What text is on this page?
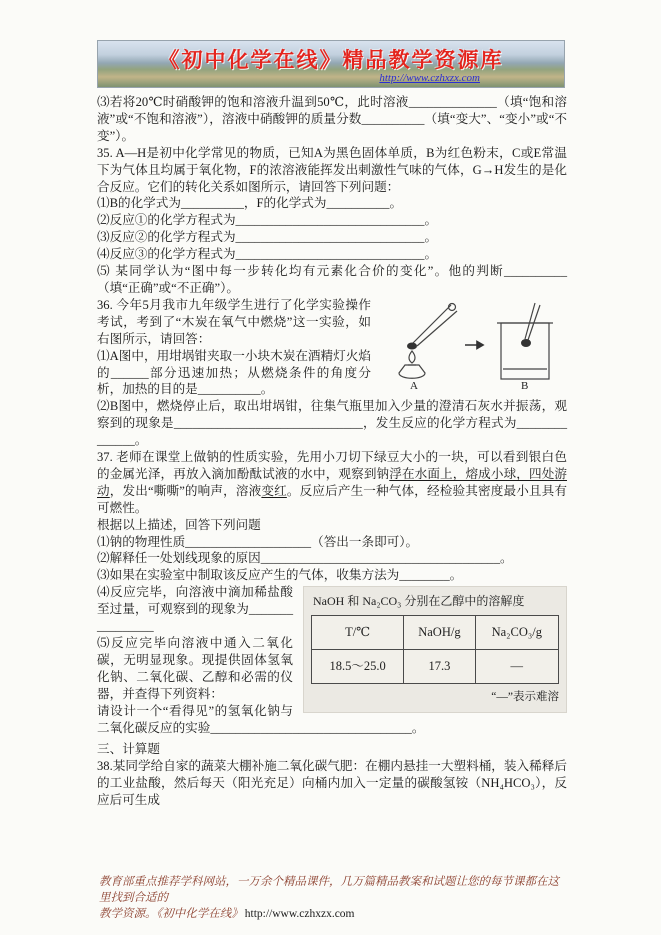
《初中化学在线》精品教学资源库
http://www.czhxzx.com

⑶若将20℃时硝酸钾的饱和溶液升温到50℃，此时溶液______________（填“饱和溶液”或“不饱和溶液”），溶液中硝酸钾的质量分数__________（填“变大”、“变小”或“不变”）。

35. A—H是初中化学常见的物质，已知A为黑色固体单质，B为红色粉末，C或E常温下为气体且均属于氧化物，F的浓溶液能挥发出刺激性气味的气体，G→H发生的是化合反应。它们的转化关系如图所示，请回答下列问题：

⑴B的化学式为__________，F的化学式为__________。

⑵反应①的化学方程式为______________________________。

⑶反应②的化学方程式为______________________________。

⑷反应③的化学方程式为______________________________。

⑸ 某同学认为“图中每一步转化均有元素化合价的变化”。他的判断__________（填“正确”或“不正确”）。

A	B

36. 今年5月我市九年级学生进行了化学实验操作考试，考到了“木炭在氧气中燃烧”这一实验，如右图所示，请回答：

⑴A图中，用坩埚钳夹取一小块木炭在酒精灯火焰的______部分迅速加热；从燃烧条件的角度分析，加热的目的是__________。

⑵B图中，燃烧停止后，取出坩埚钳，往集气瓶里加入少量的澄清石灰水并振荡，观察到的现象是______________________________，发生反应的化学方程式为______________。

37. 老师在课堂上做钠的性质实验，先用小刀切下绿豆大小的一块，可以看到银白色的金属光泽，再放入滴加酚酞试液的水中，观察到钠浮在水面上，熔成小球，四处游动，发出“嘶嘶”的响声，溶液变红。反应后产生一种气体，经检验其密度最小且具有可燃性。

根据以上描述，回答下列问题

⑴钠的物理性质____________________（答出一条即可）。

⑵解释任一处划线现象的原因______________________________________。

⑶如果在实验室中制取该反应产生的气体，收集方法为________。

NaOH 和 Na₂CO₃ 分别在乙醇中的溶解度
T/℃	NaOH/g	Na₂CO₃/g
18.5～25.0	17.3	—
“—”表示难溶

⑷反应完毕，向溶液中滴加稀盐酸至过量，可观察到的现象为________________

⑸反应完毕向溶液中通入二氧化碳，无明显现象。现提供固体氢氧化钠、二氧化碳、乙醇和必需的仪器，并查得下列资料：

请设计一个“看得见”的氢氧化钠与二氧化碳反应的实验________________________________。

三、计算题

38.某同学给自家的蔬菜大棚补施二氧化碳气肥：在棚内悬挂一大塑料桶，装入稀释后的工业盐酸，然后每天（阳光充足）向桶内加入一定量的碳酸氢铵（NH₄HCO₃），反应后可生成

教育部重点推荐学科网站，一万余个精品课件，几万篇精品教案和试题让您的每节课都在这里找到合适的
教学资源。《初中化学在线》 http://www.czhxzx.com
